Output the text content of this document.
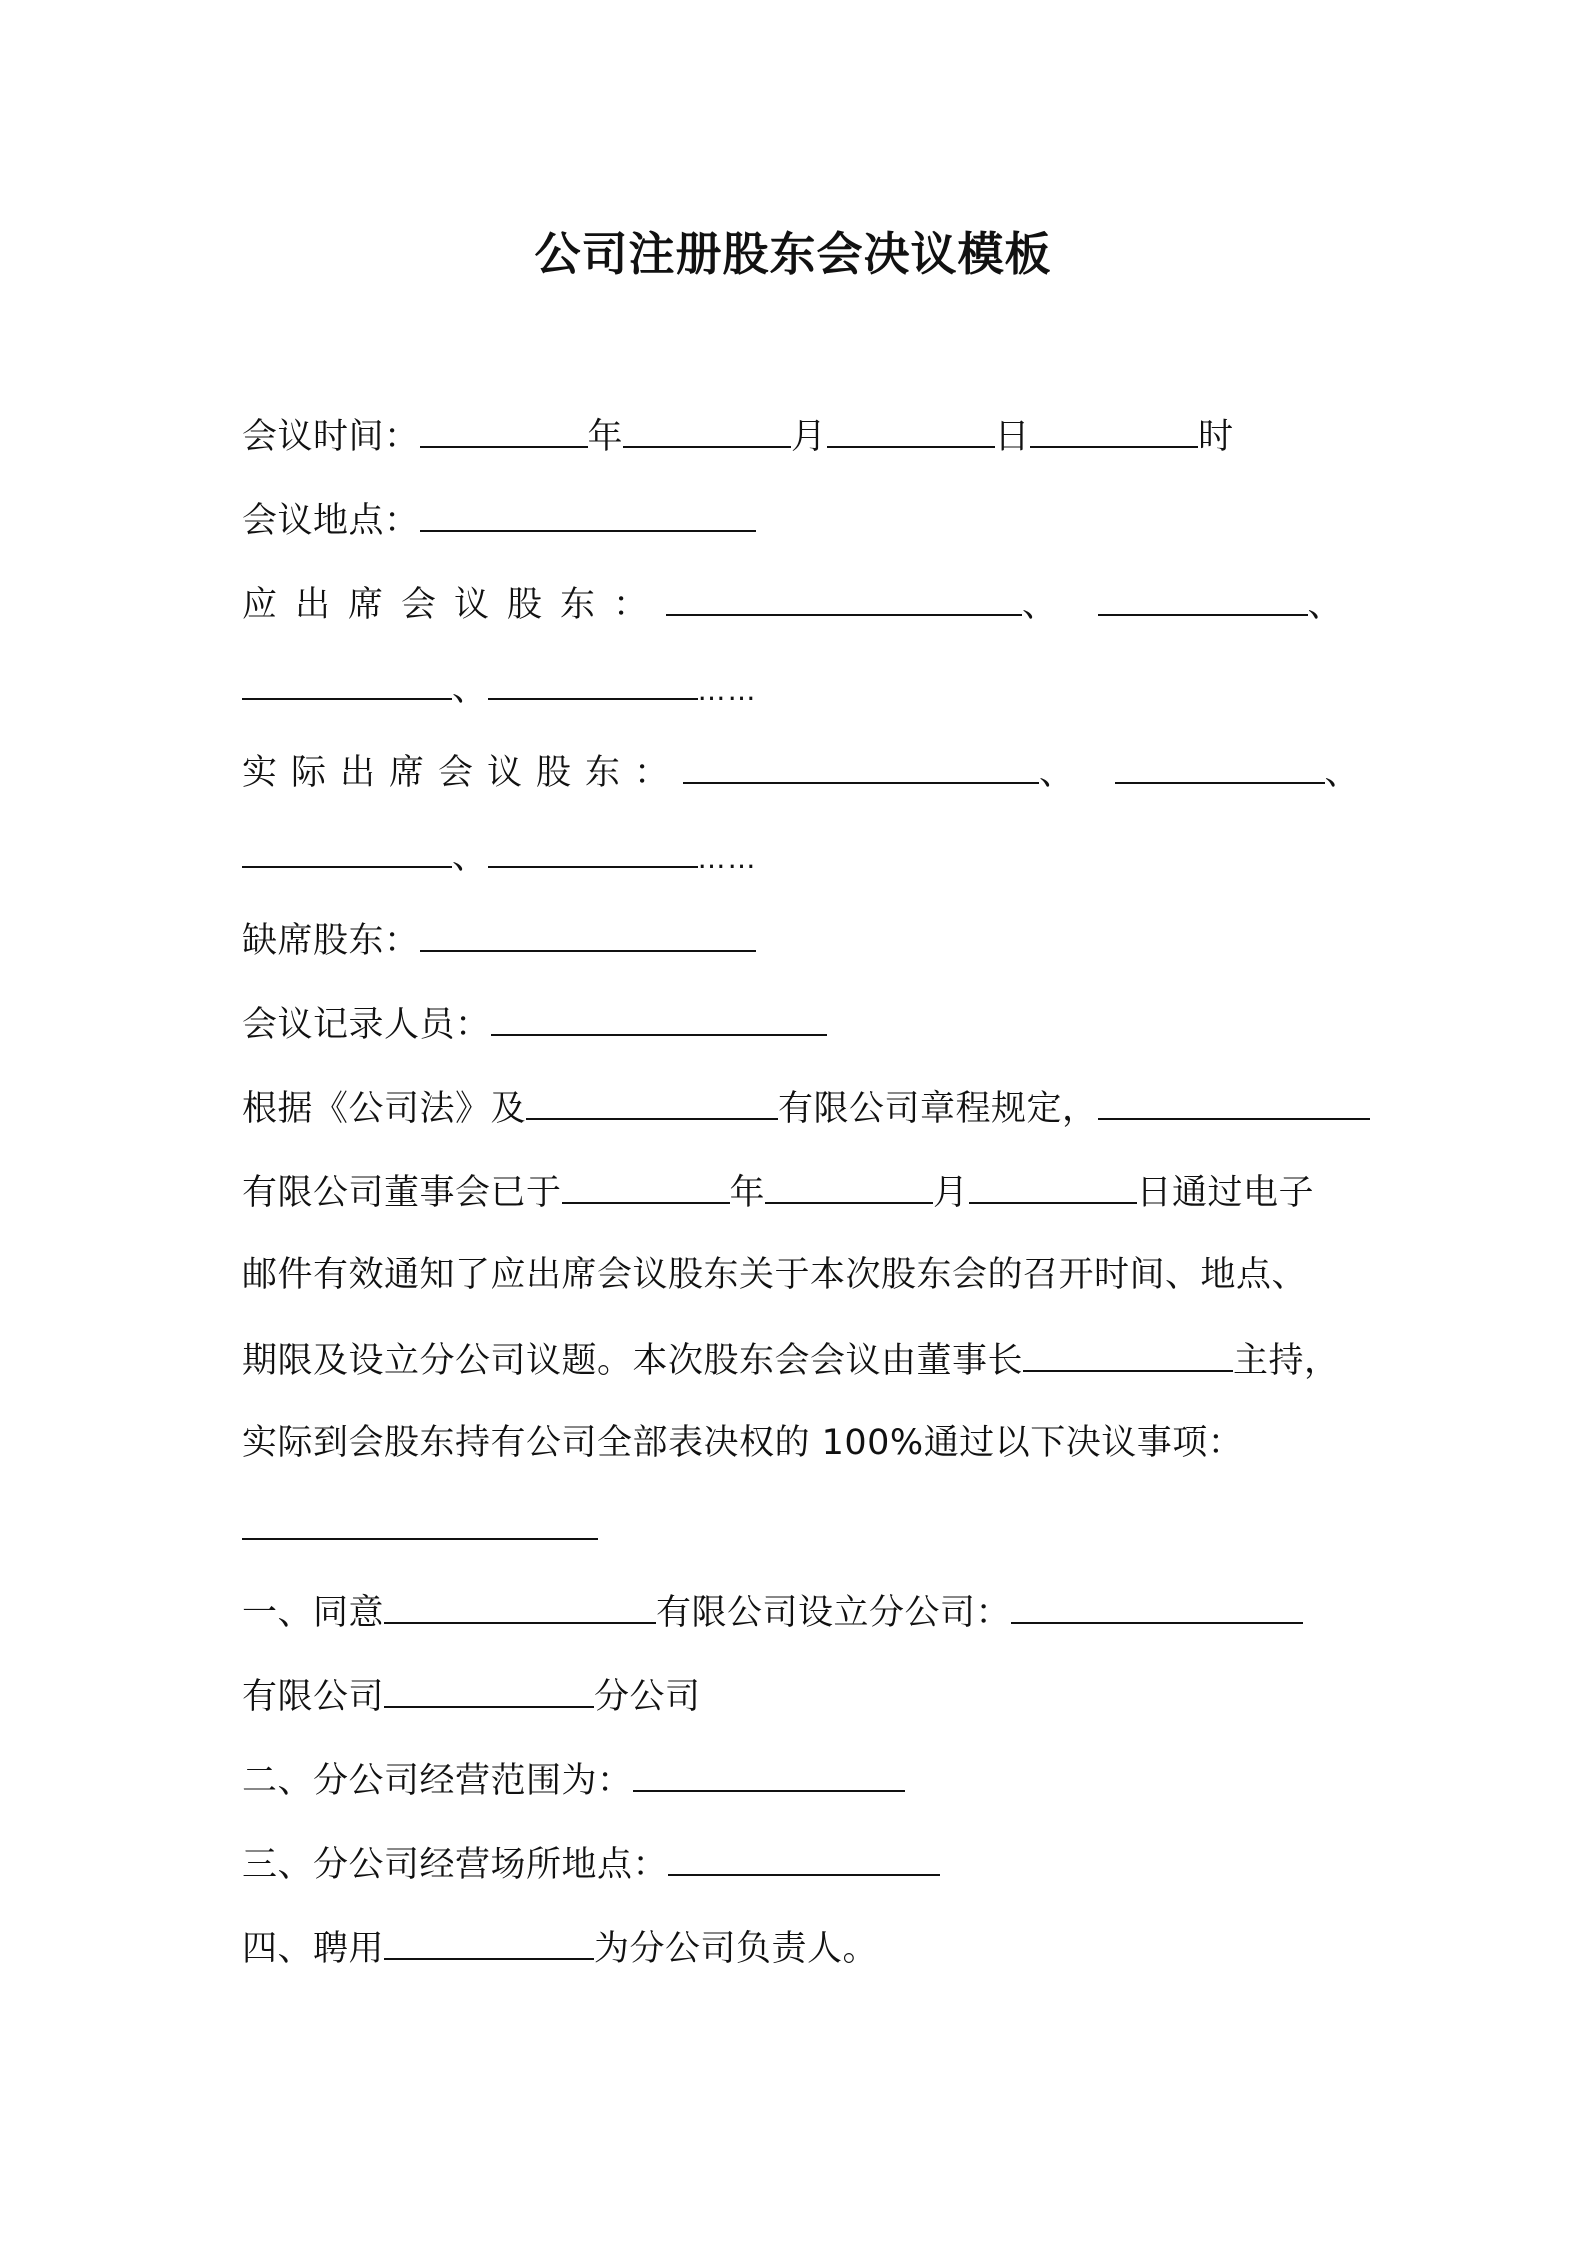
公司注册股东会决议模板
会议时间：	年	月	日	时
会议地点：
应出席会议股东：	、	、
、	……
实际出席会议股东：	、	、
、	……
缺席股东：
会议记录人员：
根据《公司法》及	有限公司章程规定，
有限公司董事会已于	年	月	日通过电子
邮件有效通知了应出席会议股东关于本次股东会的召开时间、地点、
期限及设立分公司议题。本次股东会会议由董事长	主持，
实际到会股东持有公司全部表决权的 100%通过以下决议事项：
一、同意	有限公司设立分公司：
有限公司	分公司
二、分公司经营范围为：
三、分公司经营场所地点：
四、聘用	为分公司负责人。
